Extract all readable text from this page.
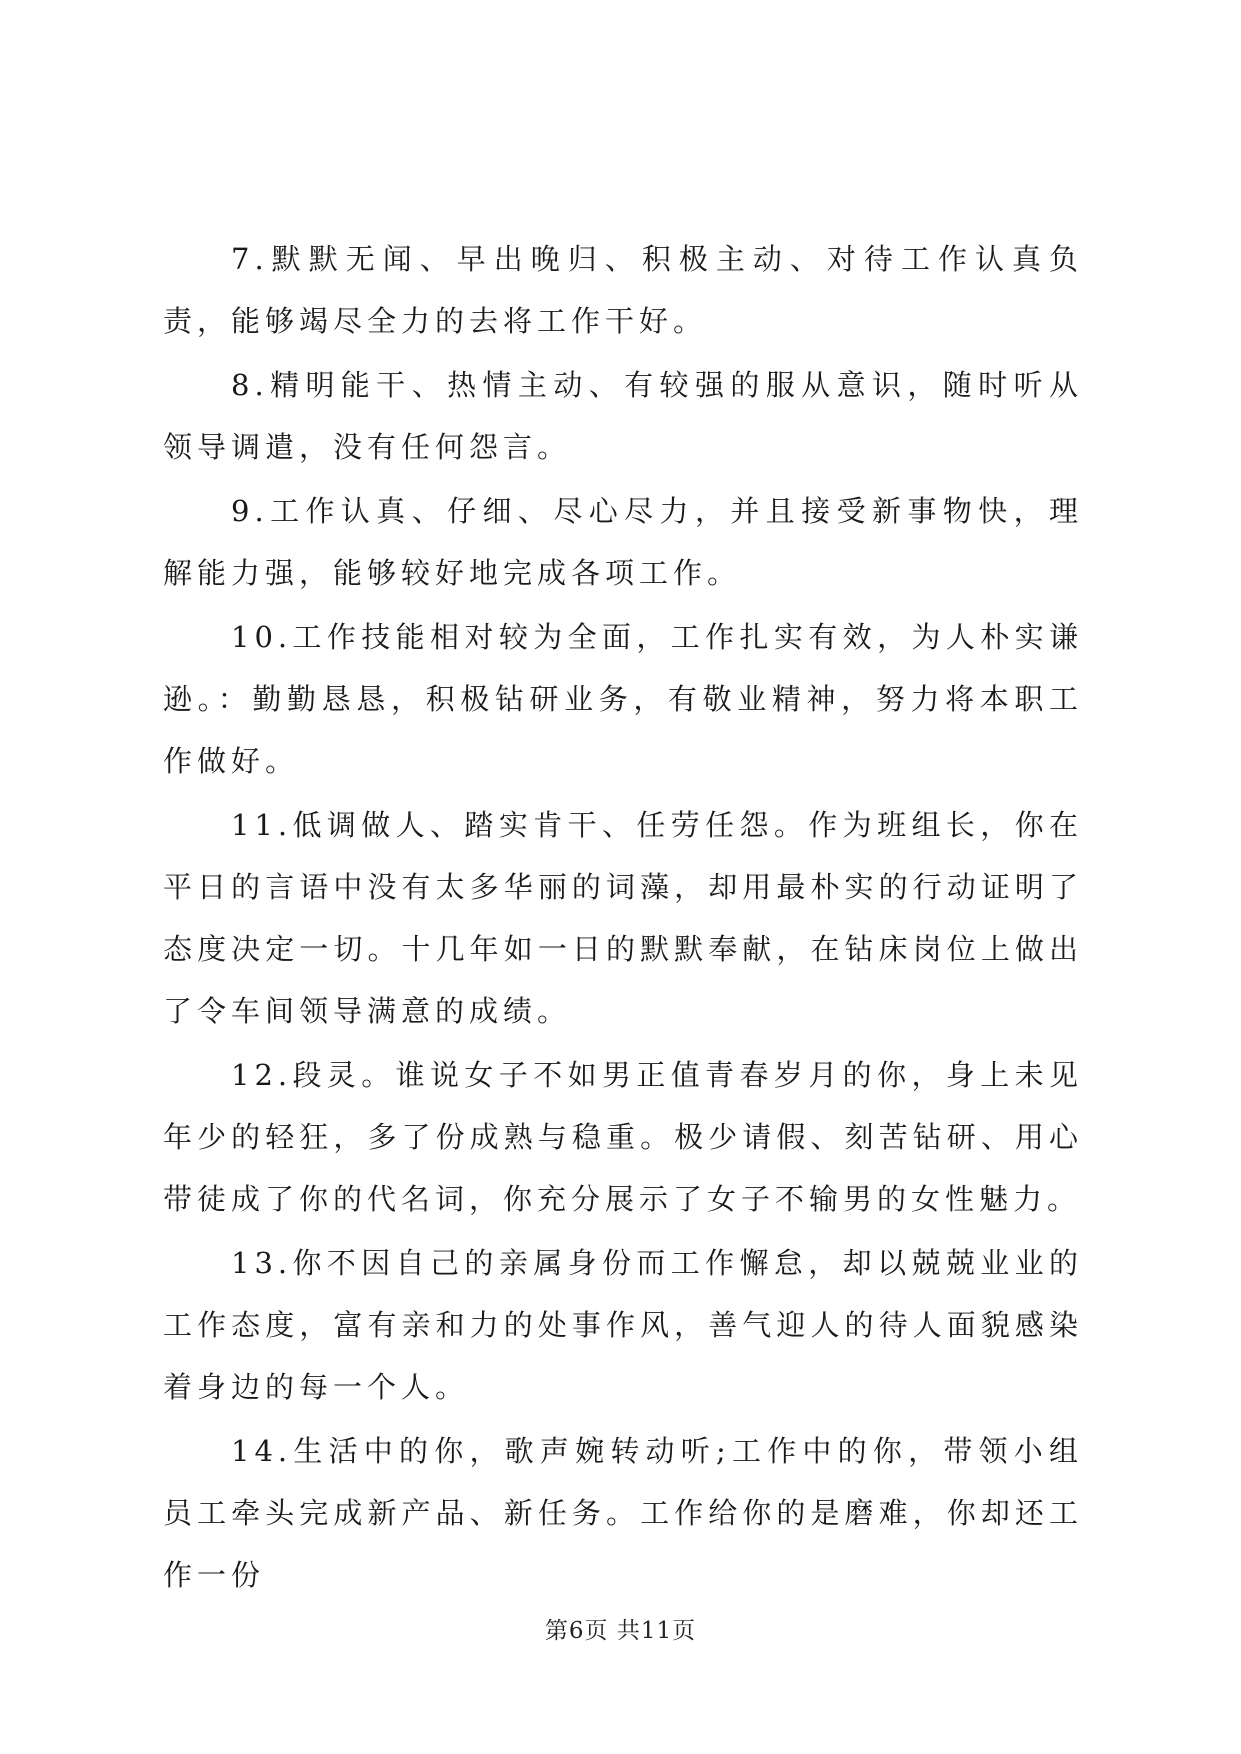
7.默默无闻、早出晚归、积极主动、对待工作认真负责，能够竭尽全力的去将工作干好。

8.精明能干、热情主动、有较强的服从意识，随时听从领导调遣，没有任何怨言。

9.工作认真、仔细、尽心尽力，并且接受新事物快，理解能力强，能够较好地完成各项工作。

10.工作技能相对较为全面，工作扎实有效，为人朴实谦逊。：勤勤恳恳，积极钻研业务，有敬业精神，努力将本职工作做好。

11.低调做人、踏实肯干、任劳任怨。作为班组长，你在平日的言语中没有太多华丽的词藻，却用最朴实的行动证明了态度决定一切。十几年如一日的默默奉献，在钻床岗位上做出了令车间领导满意的成绩。

12.段灵。谁说女子不如男正值青春岁月的你，身上未见年少的轻狂，多了份成熟与稳重。极少请假、刻苦钻研、用心带徒成了你的代名词，你充分展示了女子不输男的女性魅力。

13.你不因自己的亲属身份而工作懈怠，却以兢兢业业的工作态度，富有亲和力的处事作风，善气迎人的待人面貌感染着身边的每一个人。

14.生活中的你，歌声婉转动听;工作中的你，带领小组员工牵头完成新产品、新任务。工作给你的是磨难，你却还工作一份

第6页 共11页
